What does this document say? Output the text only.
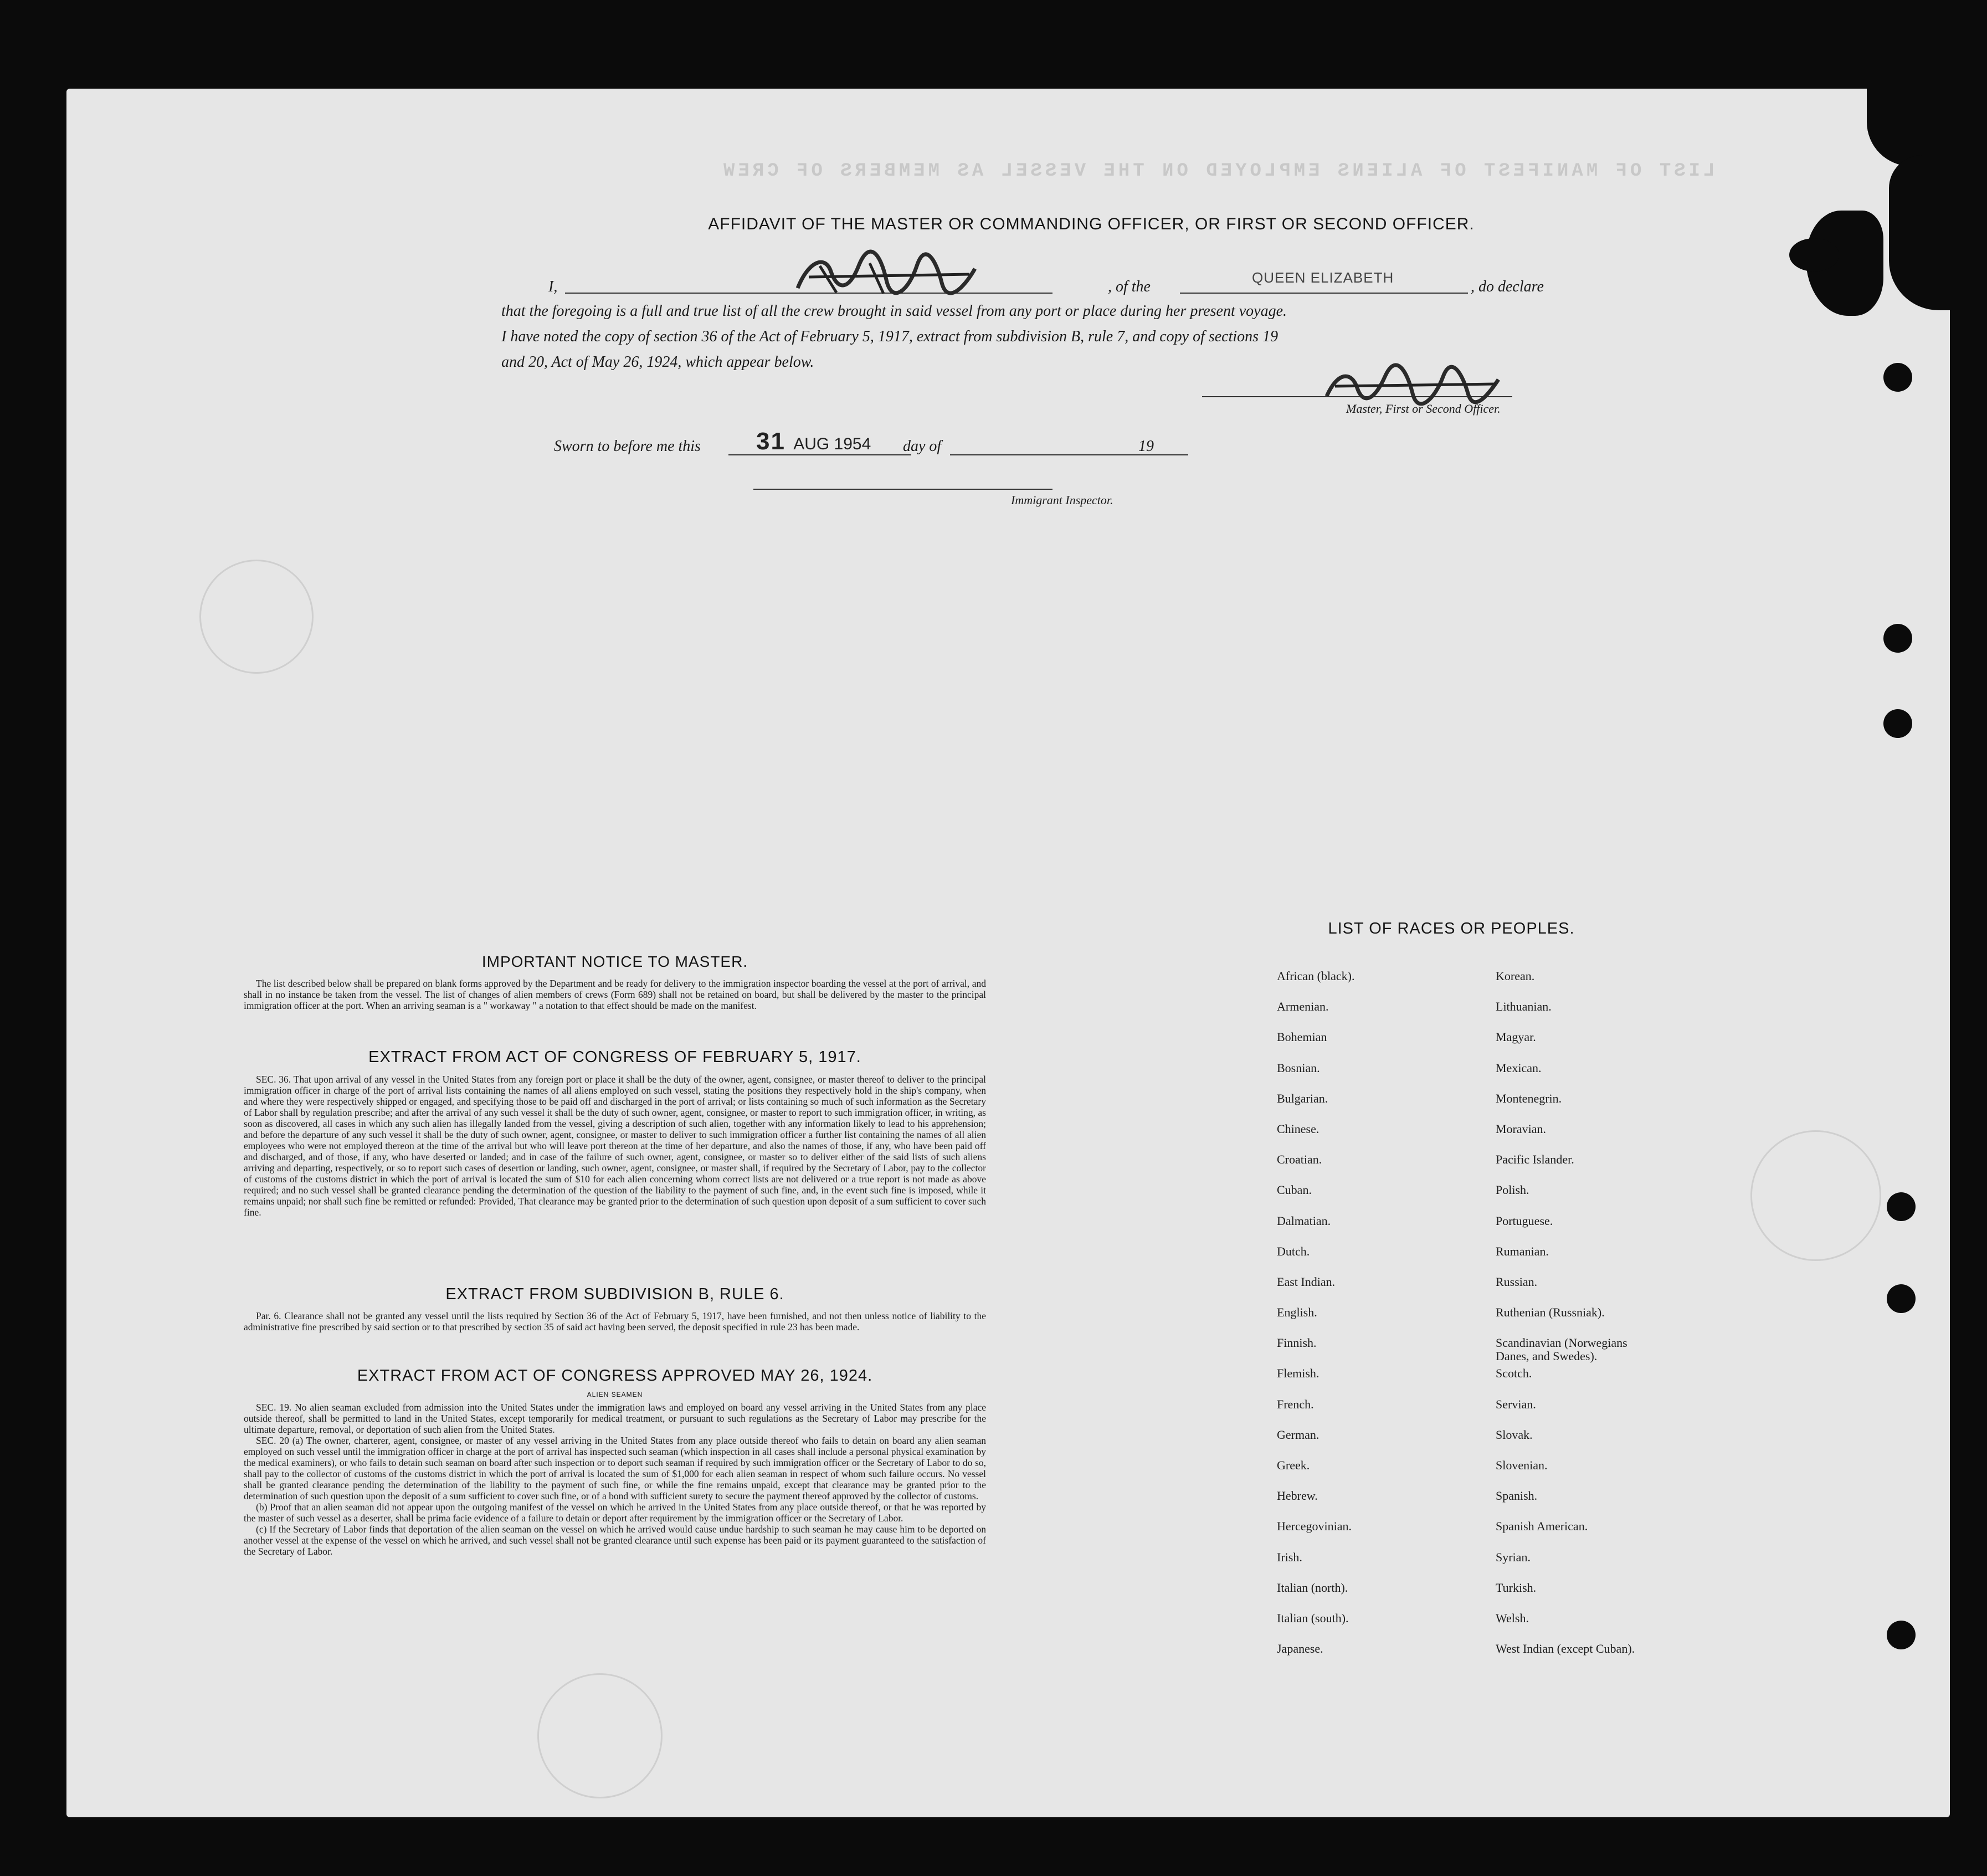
LIST OF MANIFEST OF ALIENS EMPLOYED ON THE VESSEL AS MEMBERS OF CREW
AFFIDAVIT OF THE MASTER OR COMMANDING OFFICER, OR FIRST OR SECOND OFFICER.
I,	, of the
QUEEN ELIZABETH
, do declare
that the foregoing is a full and true list of all the crew brought in said vessel from any port or place during her present voyage.
I have noted the copy of section 36 of the Act of February 5, 1917, extract from subdivision B, rule 7, and copy of sections 19
and 20, Act of May 26, 1924, which appear below.
Master, First or Second Officer.
Sworn to before me this 31 AUG 1954 day of	19
Immigrant Inspector.
IMPORTANT NOTICE TO MASTER.

The list described below shall be prepared on blank forms approved by the Department and be ready for delivery to the immigration inspector boarding the vessel at the port of arrival, and shall in no instance be taken from the vessel. The list of changes of alien members of crews (Form 689) shall not be retained on board, but shall be delivered by the master to the principal immigration officer at the port. When an arriving seaman is a " workaway " a notation to that effect should be made on the manifest.

EXTRACT FROM ACT OF CONGRESS OF FEBRUARY 5, 1917.

SEC. 36. That upon arrival of any vessel in the United States from any foreign port or place it shall be the duty of the owner, agent, consignee, or master thereof to deliver to the principal immigration officer in charge of the port of arrival lists containing the names of all aliens employed on such vessel, stating the positions they respectively hold in the ship's company, when and where they were respectively shipped or engaged, and specifying those to be paid off and discharged in the port of arrival; or lists containing so much of such information as the Secretary of Labor shall by regulation prescribe; and after the arrival of any such vessel it shall be the duty of such owner, agent, consignee, or master to report to such immigration officer, in writing, as soon as discovered, all cases in which any such alien has illegally landed from the vessel, giving a description of such alien, together with any information likely to lead to his apprehension; and before the departure of any such vessel it shall be the duty of such owner, agent, consignee, or master to deliver to such immigration officer a further list containing the names of all alien employees who were not employed thereon at the time of the arrival but who will leave port thereon at the time of her departure, and also the names of those, if any, who have been paid off and discharged, and of those, if any, who have deserted or landed; and in case of the failure of such owner, agent, consignee, or master so to deliver either of the said lists of such aliens arriving and departing, respectively, or so to report such cases of desertion or landing, such owner, agent, consignee, or master shall, if required by the Secretary of Labor, pay to the collector of customs of the customs district in which the port of arrival is located the sum of $10 for each alien concerning whom correct lists are not delivered or a true report is not made as above required; and no such vessel shall be granted clearance pending the determination of the question of the liability to the payment of such fine, and, in the event such fine is imposed, while it remains unpaid; nor shall such fine be remitted or refunded: Provided, That clearance may be granted prior to the determination of such question upon deposit of a sum sufficient to cover such fine.

EXTRACT FROM SUBDIVISION B, RULE 6.

Par. 6. Clearance shall not be granted any vessel until the lists required by Section 36 of the Act of February 5, 1917, have been furnished, and not then unless notice of liability to the administrative fine prescribed by said section or to that prescribed by section 35 of said act having been served, the deposit specified in rule 23 has been made.

EXTRACT FROM ACT OF CONGRESS APPROVED MAY 26, 1924.
ALIEN SEAMEN

SEC. 19. No alien seaman excluded from admission into the United States under the immigration laws and employed on board any vessel arriving in the United States from any place outside thereof, shall be permitted to land in the United States, except temporarily for medical treatment, or pursuant to such regulations as the Secretary of Labor may prescribe for the ultimate departure, removal, or deportation of such alien from the United States.

SEC. 20 (a) The owner, charterer, agent, consignee, or master of any vessel arriving in the United States from any place outside thereof who fails to detain on board any alien seaman employed on such vessel until the immigration officer in charge at the port of arrival has inspected such seaman (which inspection in all cases shall include a personal physical examination by the medical examiners), or who fails to detain such seaman on board after such inspection or to deport such seaman if required by such immigration officer or the Secretary of Labor to do so, shall pay to the collector of customs of the customs district in which the port of arrival is located the sum of $1,000 for each alien seaman in respect of whom such failure occurs. No vessel shall be granted clearance pending the determination of the liability to the payment of such fine, or while the fine remains unpaid, except that clearance may be granted prior to the determination of such question upon the deposit of a sum sufficient to cover such fine, or of a bond with sufficient surety to secure the payment thereof approved by the collector of customs.

(b) Proof that an alien seaman did not appear upon the outgoing manifest of the vessel on which he arrived in the United States from any place outside thereof, or that he was reported by the master of such vessel as a deserter, shall be prima facie evidence of a failure to detain or deport after requirement by the immigration officer or the Secretary of Labor.

(c) If the Secretary of Labor finds that deportation of the alien seaman on the vessel on which he arrived would cause undue hardship to such seaman he may cause him to be deported on another vessel at the expense of the vessel on which he arrived, and such vessel shall not be granted clearance until such expense has been paid or its payment guaranteed to the satisfaction of the Secretary of Labor.

LIST OF RACES OR PEOPLES.
African (black).
Armenian.
Bohemian
Bosnian.
Bulgarian.
Chinese.
Croatian.
Cuban.
Dalmatian.
Dutch.
East Indian.
English.
Finnish.
Flemish.
French.
German.
Greek.
Hebrew.
Hercegovinian.
Irish.
Italian (north).
Italian (south).
Japanese.
Korean.
Lithuanian.
Magyar.
Mexican.
Montenegrin.
Moravian.
Pacific Islander.
Polish.
Portuguese.
Rumanian.
Russian.
Ruthenian (Russniak).
Scandinavian (Norwegians
Danes, and Swedes).
Scotch.
Servian.
Slovak.
Slovenian.
Spanish.
Spanish American.
Syrian.
Turkish.
Welsh.
West Indian (except Cuban).
